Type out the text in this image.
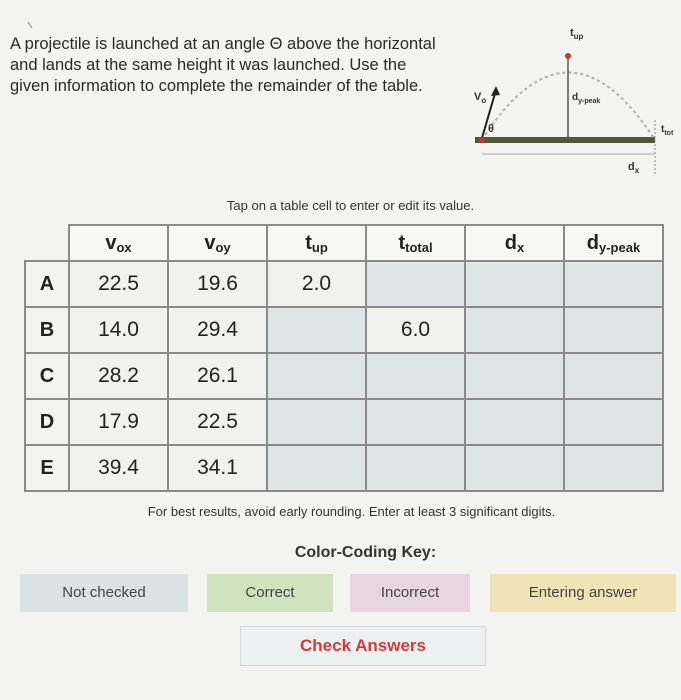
A projectile is launched at an angle Θ above the horizontal and lands at the same height it was launched. Use the given information to complete the remainder of the table.
$V_o$
θ
$t_{up}$
$d_{y-peak}$
$d_x$
$t_{tot}$
Tap on a table cell to enter or edit its value.
	$v_{ox}$	$v_{oy}$	$t_{up}$	$t_{total}$	$d_x$	$d_{y-peak}$
A	22.5	19.6	2.0			
B	14.0	29.4		6.0		
C	28.2	26.1				
D	17.9	22.5				
E	39.4	34.1				
For best results, avoid early rounding. Enter at least 3 significant digits.
Color-Coding Key:
Not checked	Correct	Incorrect	Entering answer
Check Answers
